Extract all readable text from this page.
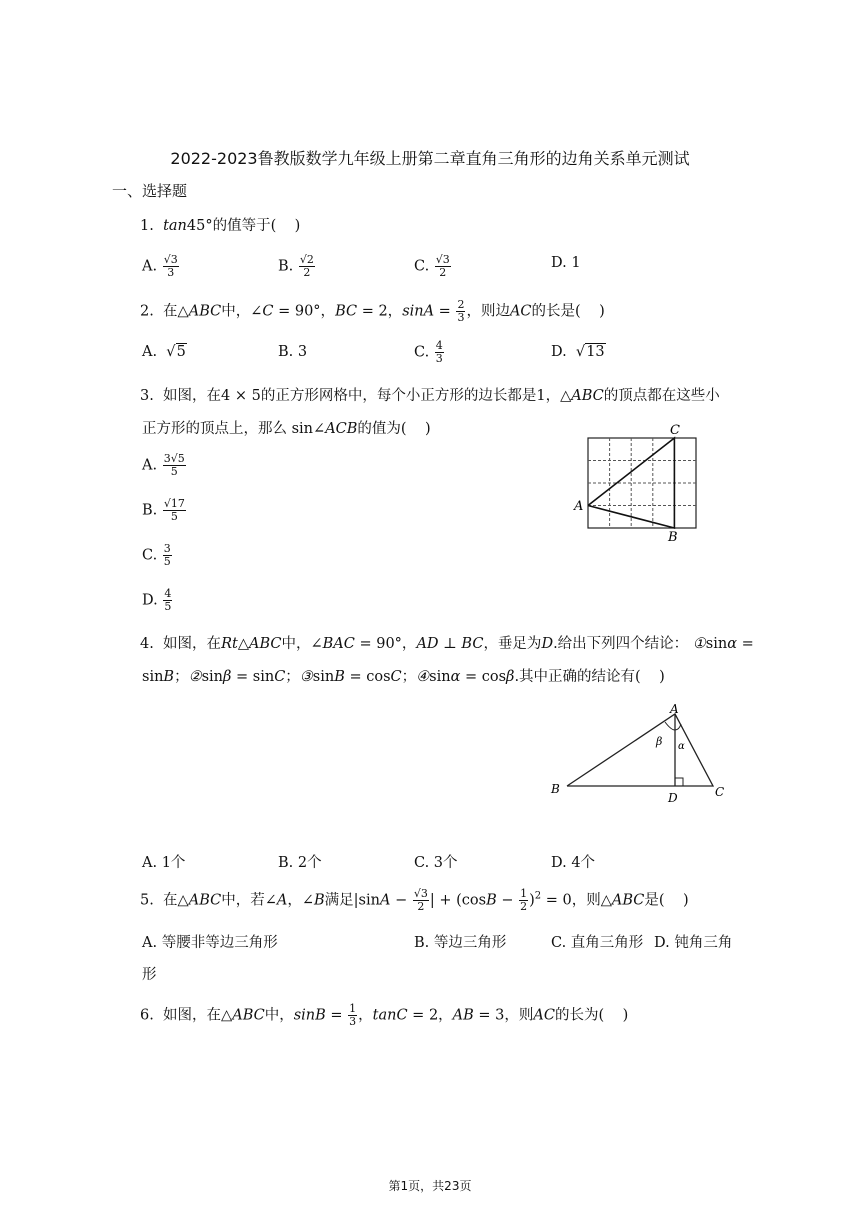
2022-2023鲁教版数学九年级上册第二章直角三角形的边角关系单元测试
一、选择题
1. tan45°的值等于(    )
A. $\frac{√3}{3}$	B. $\frac{√2}{2}$	C. $\frac{√3}{2}$	D. 1
2.  在△ABC中，∠C = 90°，BC = 2，$\sin A = \frac{2}{3}$ ，则边AC的长是(    )
A.  √5	B. 3	C. $\frac{4}{3}$	D.  √13
3.  如图，在4 × 5的正方形网格中，每个小正方形的边长都是1，△ABC的顶点都在这些小
正方形的顶点上，那么 sin∠ACB的值为(    )
A. $\frac{3√5}{5}$
B. $\frac{√17}{5}$
C. $\frac{3}{5}$
D. $\frac{4}{5}$
A
B
C
4.  如图，在Rt△ABC中，∠BAC = 90°，AD ⊥ BC，垂足为D.给出下列四个结论： ①sinα =
sinB；②sinβ = sinC；③sinB = cosC；④sinα = cosβ.其中正确的结论有(    )
A
B	C
D
β α
A. 1个	B. 2个	C. 3个	D. 4个
5.  在△ABC中，若∠A，∠B满足$|\sin A - \frac{√3}{2}$ | + $(\cos B - \frac{1}{2} )^2 = 0$，则△ABC是(    )
A. 等腰非等边三角形	B. 等边三角形	C. 直角三角形 D. 钝角三角
形
6.  如图，在△ABC中，$\sin B = \frac{1}{3}$ ，tanC = 2，AB = 3，则AC的长为(    )
第1页，共23页
